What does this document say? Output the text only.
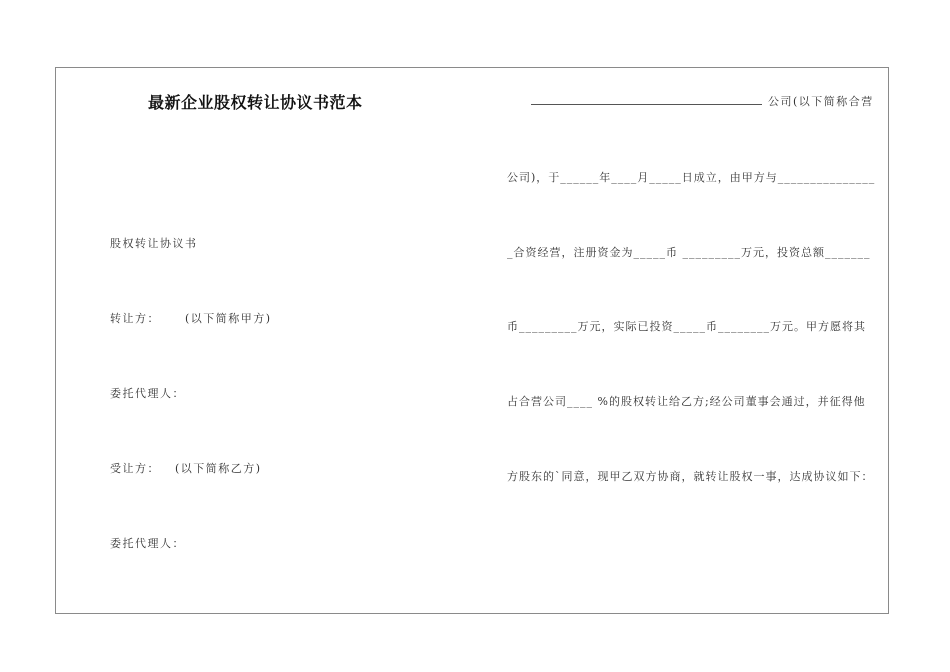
最新企业股权转让协议书范本
股权转让协议书
转让方：     (以下简称甲方)
委托代理人：
受让方：   (以下简称乙方)
委托代理人：
公司(以下简称合营
公司)，于______年____月_____日成立，由甲方与_______________
_合资经营，注册资金为_____币 _________万元，投资总额_______
币_________万元，实际已投资_____币________万元。甲方愿将其
占合营公司____ %的股权转让给乙方;经公司董事会通过，并征得他
方股东的`同意，现甲乙双方协商，就转让股权一事，达成协议如下：
